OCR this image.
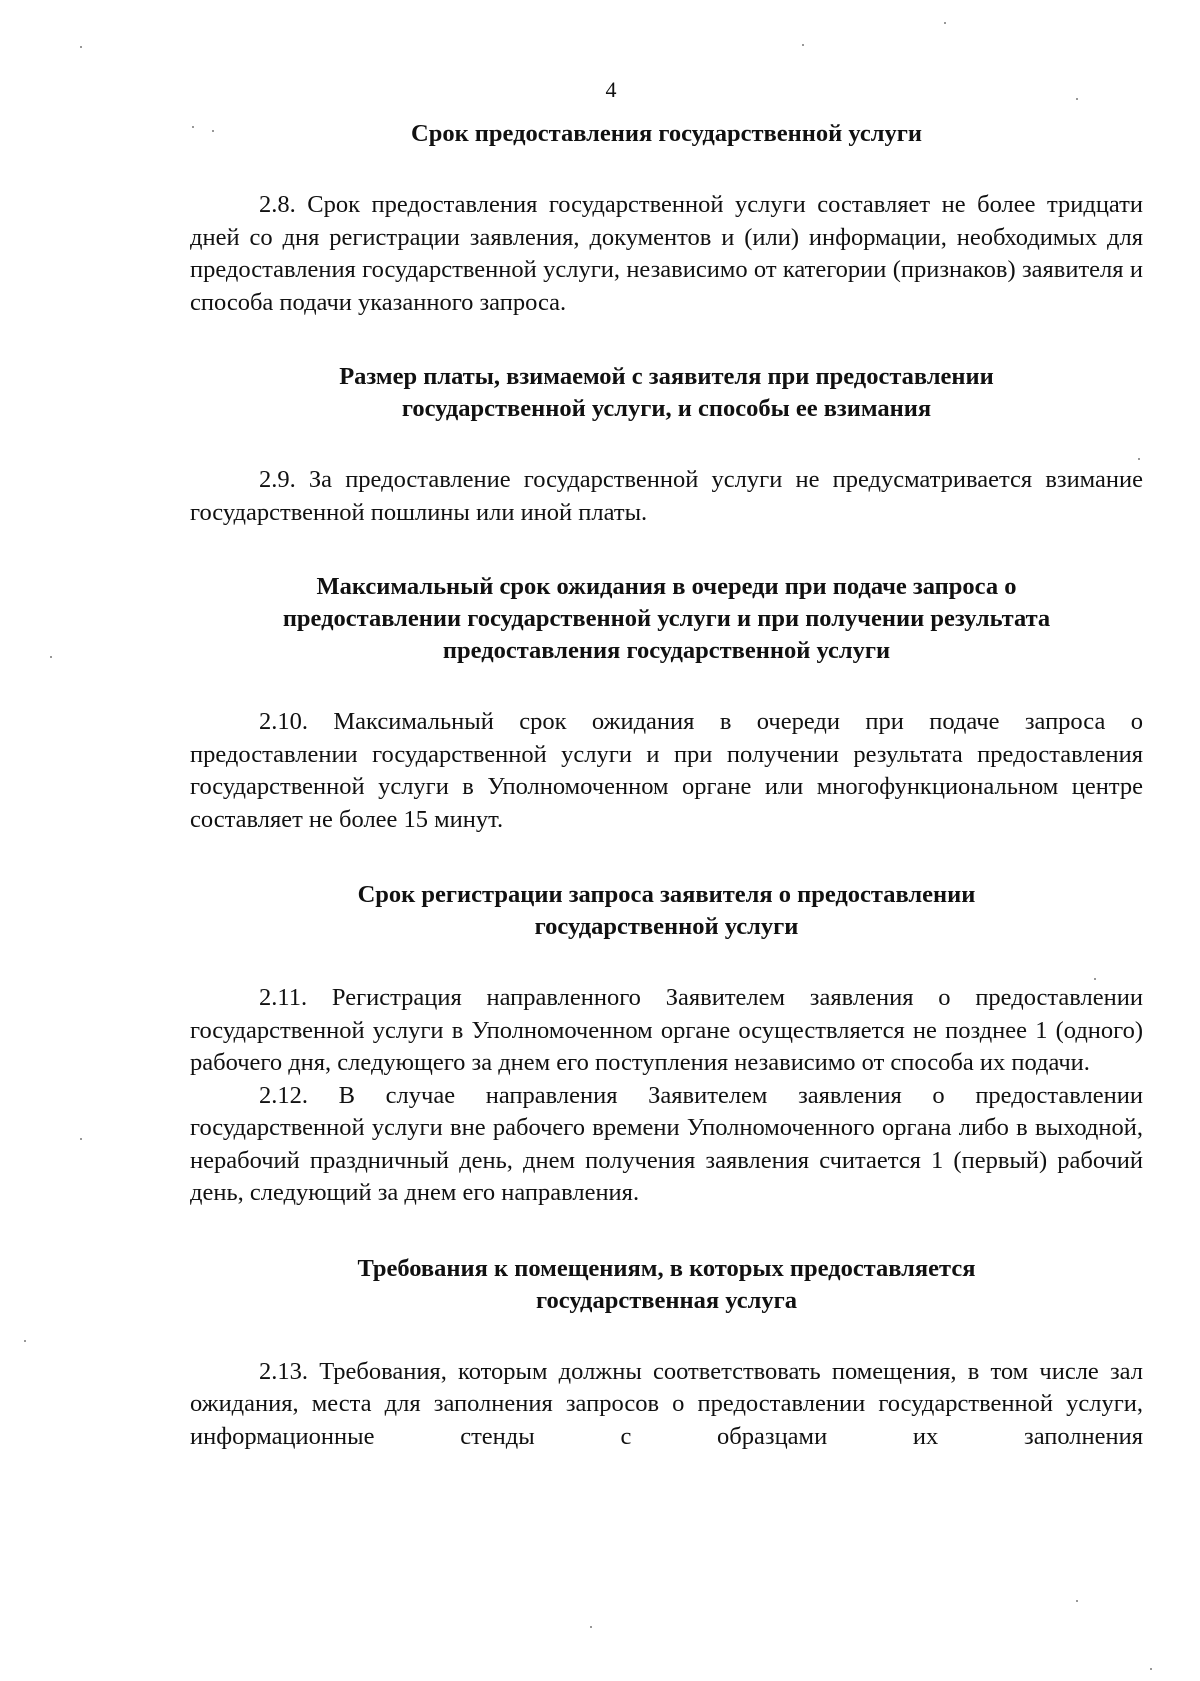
4
Срок предоставления государственной услуги

2.8. Срок предоставления государственной услуги составляет не более тридцати дней со дня регистрации заявления, документов и (или) информации, необходимых для предоставления государственной услуги, независимо от категории (признаков) заявителя и способа подачи указанного запроса.

Размер платы, взимаемой с заявителя при предоставлении
государственной услуги, и способы ее взимания

2.9. За предоставление государственной услуги не предусматривается взимание государственной пошлины или иной платы.

Максимальный срок ожидания в очереди при подаче запроса о
предоставлении государственной услуги и при получении результата
предоставления государственной услуги

2.10. Максимальный срок ожидания в очереди при подаче запроса о предоставлении государственной услуги и при получении результата предоставления государственной услуги в Уполномоченном органе или многофункциональном центре составляет не более 15 минут.

Срок регистрации запроса заявителя о предоставлении
государственной услуги

2.11. Регистрация направленного Заявителем заявления о предоставлении государственной услуги в Уполномоченном органе осуществляется не позднее 1 (одного) рабочего дня, следующего за днем его поступления независимо от способа их подачи.

2.12. В случае направления Заявителем заявления о предоставлении государственной услуги вне рабочего времени Уполномоченного органа либо в выходной, нерабочий праздничный день, днем получения заявления считается 1 (первый) рабочий день, следующий за днем его направления.

Требования к помещениям, в которых предоставляется
государственная услуга

2.13. Требования, которым должны соответствовать помещения, в том числе зал ожидания, места для заполнения запросов о предоставлении государственной услуги, информационные стенды с образцами их заполнения
